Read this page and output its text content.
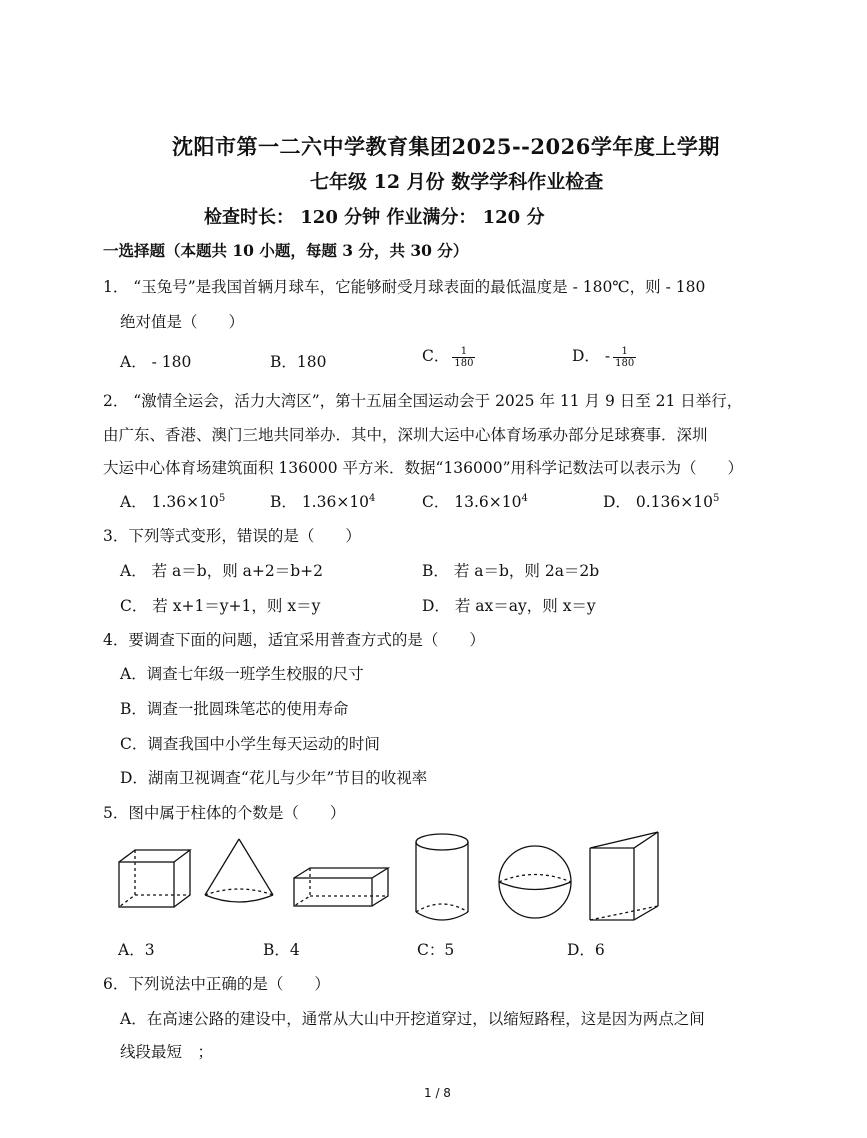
沈阳市第一二六中学教育集团2025--2026学年度上学期
七年级 12 月份 数学学科作业检查
检查时长： 120 分钟 作业满分： 120 分
一选择题（本题共 10 小题，每题 3 分，共 30 分）
1． “玉兔号”是我国首辆月球车，它能够耐受月球表面的最低温度是 - 180℃，则 - 180
绝对值是（　　）
A． - 180	B．180	C． $\frac{1}{180}$	D． - $\frac{1}{180}$
2． “激情全运会，活力大湾区”，第十五届全国运动会于 2025 年 11 月 9 日至 21 日举行，
由广东、香港、澳门三地共同举办．其中，深圳大运中心体育场承办部分足球赛事．深圳
大运中心体育场建筑面积 136000 平方米．数据“136000”用科学记数法可以表示为（　　）
A． $1.36\times 10^5$	B． $1.36\times 10^4$	C． $13.6\times 10^4$	D． $0.136\times 10^5$
3．下列等式变形，错误的是（　　）
A． 若 a＝b，则 a+2＝b+2	B． 若 a＝b，则 2a＝2b
C． 若 x+1＝y+1，则 x＝y	D． 若 ax＝ay，则 x＝y
4．要调查下面的问题，适宜采用普查方式的是（　　）
A．调查七年级一班学生校服的尺寸
B．调查一批圆珠笔芯的使用寿命
C．调查我国中小学生每天运动的时间
D．湖南卫视调查“花儿与少年”节目的收视率
5．图中属于柱体的个数是（　　）
A．3	B．4	C：5	D．6
6．下列说法中正确的是（　　）
A．在高速公路的建设中，通常从大山中开挖道穿过，以缩短路程，这是因为两点之间
线段最短　；
1 / 8
